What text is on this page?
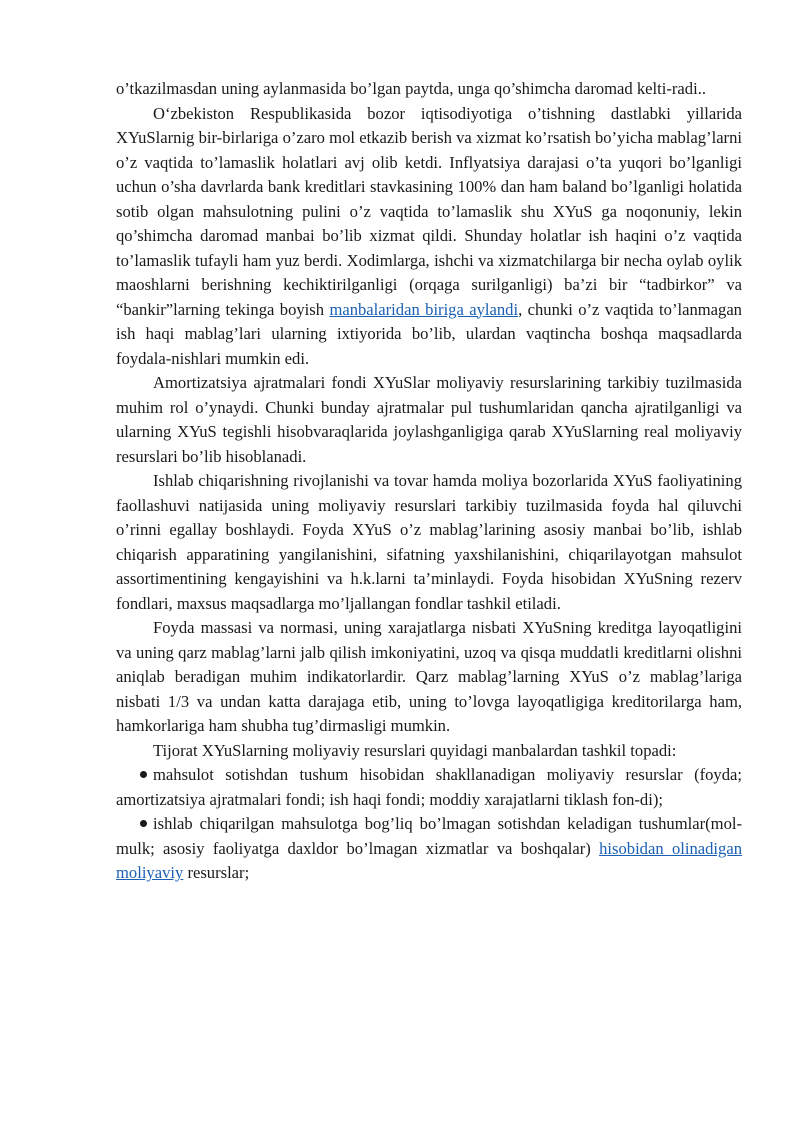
o’tkazilmasdan uning aylanmasida bo’lgan paytda, unga qo’shimcha daromad kelti-radi..

O‘zbekiston Respublikasida bozor iqtisodiyotiga o’tishning dastlabki yillarida XYuSlarnig bir-birlariga o’zaro mol etkazib berish va xizmat ko’rsatish bo’yicha mablag’larni o’z vaqtida to’lamaslik holatlari avj olib ketdi. Inflyatsiya darajasi o’ta yuqori bo’lganligi uchun o’sha davrlarda bank kreditlari stavkasining 100% dan ham baland bo’lganligi holatida sotib olgan mahsulotning pulini o’z vaqtida to’lamaslik shu XYuS ga noqonuniy, lekin qo’shimcha daromad manbai bo’lib xizmat qildi. Shunday holatlar ish haqini o’z vaqtida to’lamaslik tufayli ham yuz berdi. Xodimlarga, ishchi va xizmatchilarga bir necha oylab oylik maoshlarni berishning kechiktirilganligi (orqaga surilganligi) ba’zi bir “tadbirkor” va “bankir”larning tekinga boyish manbalaridan biriga aylandi, chunki o’z vaqtida to’lanmagan ish haqi mablag’lari ularning ixtiyorida bo’lib, ulardan vaqtincha boshqa maqsadlarda foydala-nishlari mumkin edi.

Amortizatsiya ajratmalari fondi XYuSlar moliyaviy resurslarining tarkibiy tuzilmasida muhim rol o’ynaydi. Chunki bunday ajratmalar pul tushumlaridan qancha ajratilganligi va ularning XYuS tegishli hisobvaraqlarida joylashganligiga qarab XYuSlarning real moliyaviy resurslari bo’lib hisoblanadi.

Ishlab chiqarishning rivojlanishi va tovar hamda moliya bozorlarida XYuS faoliyatining faollashuvi natijasida uning moliyaviy resurslari tarkibiy tuzilmasida foyda hal qiluvchi o’rinni egallay boshlaydi. Foyda XYuS o’z mablag’larining asosiy manbai bo’lib, ishlab chiqarish apparatining yangilanishini, sifatning yaxshilanishini, chiqarilayotgan mahsulot assortimentining kengayishini va h.k.larni ta’minlaydi. Foyda hisobidan XYuSning rezerv fondlari, maxsus maqsadlarga mo’ljallangan fondlar tashkil etiladi.

Foyda massasi va normasi, uning xarajatlarga nisbati XYuSning kreditga layoqatligini va uning qarz mablag’larni jalb qilish imkoniyatini, uzoq va qisqa muddatli kreditlarni olishni aniqlab beradigan muhim indikatorlardir. Qarz mablag’larning XYuS o’z mablag’lariga nisbati 1/3 va undan katta darajaga etib, uning to’lovga layoqatligiga kreditorilarga ham, hamkorlariga ham shubha tug’dirmasligi mumkin.

Tijorat XYuSlarning moliyaviy resurslari quyidagi manbalardan tashkil topadi:

mahsulot sotishdan tushum hisobidan shakllanadigan moliyaviy resurslar (foyda; amortizatsiya ajratmalari fondi; ish haqi fondi; moddiy xarajatlarni tiklash fon-di);

ishlab chiqarilgan mahsulotga bog’liq bo’lmagan sotishdan keladigan tushumlar(mol-mulk; asosiy faoliyatga daxldor bo’lmagan xizmatlar va boshqalar) hisobidan olinadigan moliyaviy resurslar;
